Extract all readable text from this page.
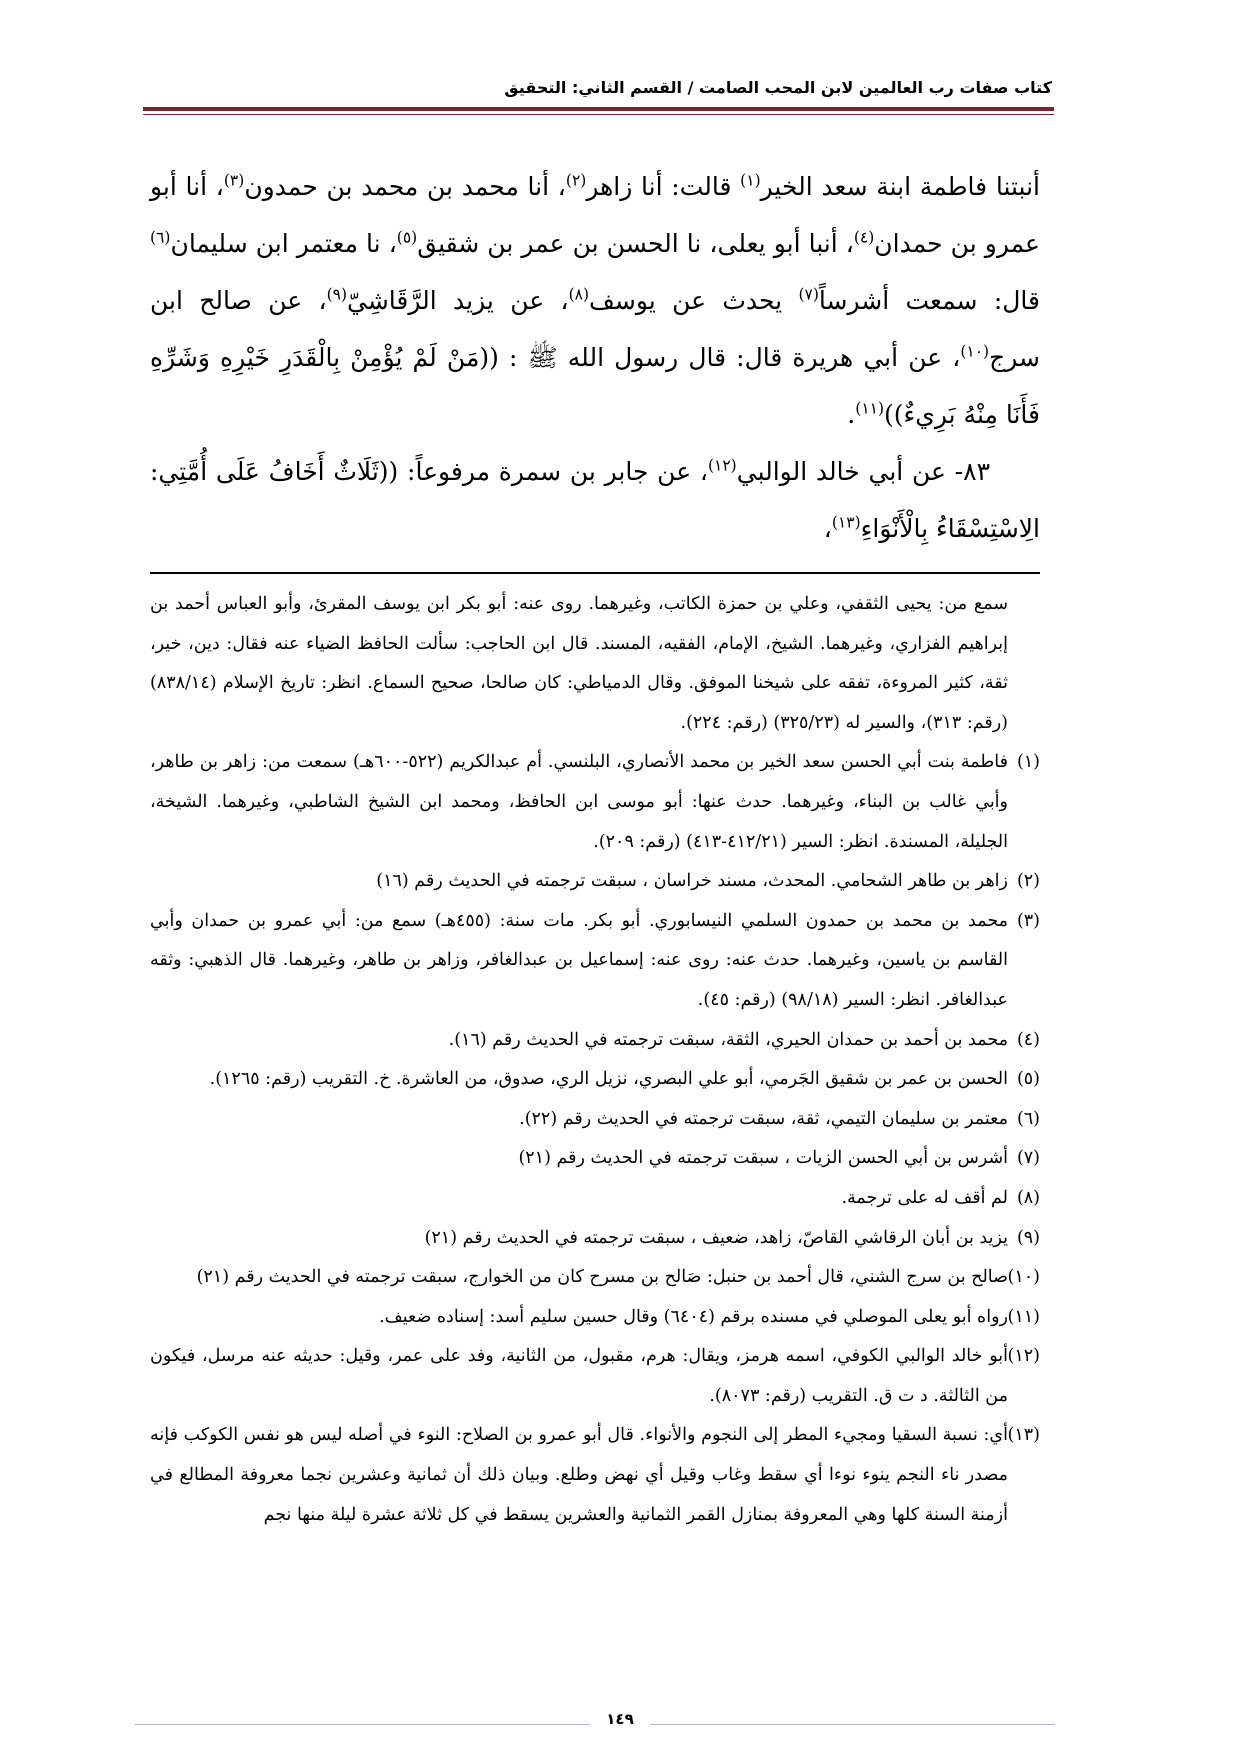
كتاب صفات رب العالمين لابن المحب الصامت / القسم الثاني: التحقيق

أنبتنا فاطمة ابنة سعد الخير$^{(١)}$ قالت: أنا زاهر$^{(٢)}$، أنا محمد بن محمد بن حمدون$^{(٣)}$، أنا أبو عمرو بن حمدان$^{(٤)}$، أنبا أبو يعلى، نا الحسن بن عمر بن شقيق$^{(٥)}$، نا معتمر ابن سليمان$^{(٦)}$ قال: سمعت أشرساً$^{(٧)}$ يحدث عن يوسف$^{(٨)}$، عن يزيد الرَّقَاشِيّ$^{(٩)}$، عن صالح ابن سرج$^{(١٠)}$، عن أبي هريرة قال: قال رسول الله ﷺ : ((مَنْ لَمْ يُؤْمِنْ بِالْقَدَرِ خَيْرِهِ وَشَرِّهِ فَأَنَا مِنْهُ بَرِيءٌ))$^{(١١)}$.

٨٣- عن أبي خالد الوالبي$^{(١٢)}$، عن جابر بن سمرة مرفوعاً: ((ثَلَاثٌ أَخَافُ عَلَى أُمَّتِي: الِاسْتِسْقَاءُ بِالْأَنْوَاءِ$^{(١٣)}$،

سمع من: يحيى الثقفي، وعلي بن حمزة الكاتب، وغيرهما. روى عنه: أبو بكر ابن يوسف المقرئ، وأبو العباس أحمد بن إبراهيم الفزاري، وغيرهما. الشيخ، الإمام، الفقيه، المسند. قال ابن الحاجب: سألت الحافظ الضياء عنه فقال: دين، خير، ثقة، كثير المروءة، تفقه على شيخنا الموفق. وقال الدمياطي: كان صالحا، صحيح السماع. انظر: تاريخ الإسلام (٨٣٨/١٤) (رقم: ٣١٣)، والسير له (٣٢٥/٢٣) (رقم: ٢٢٤).
(١)
فاطمة بنت أبي الحسن سعد الخير بن محمد الأنصاري، البلنسي. أم عبدالكريم (٥٢٢-٦٠٠هـ) سمعت من: زاهر بن طاهر، وأبي غالب بن البناء، وغيرهما. حدث عنها: أبو موسى ابن الحافظ، ومحمد ابن الشيخ الشاطبي، وغيرهما. الشيخة، الجليلة، المسندة. انظر: السير (٤١٢/٢١-٤١٣) (رقم: ٢٠٩).
(٢)
زاهر بن طاهر الشحامي. المحدث، مسند خراسان ، سبقت ترجمته في الحديث رقم (١٦)
(٣)
محمد بن محمد بن حمدون السلمي النيسابوري. أبو بكر. مات سنة: (٤٥٥هـ) سمع من: أبي عمرو بن حمدان وأبي القاسم بن ياسين، وغيرهما. حدث عنه: روى عنه: إسماعيل بن عبدالغافر، وزاهر بن طاهر، وغيرهما. قال الذهبي: وثقه عبدالغافر. انظر: السير (٩٨/١٨) (رقم: ٤٥).
(٤)
محمد بن أحمد بن حمدان الحيري، الثقة، سبقت ترجمته في الحديث رقم (١٦).
(٥)
الحسن بن عمر بن شقيق الجَرمي، أبو علي البصري، نزيل الري، صدوق، من العاشرة. خ. التقريب (رقم: ١٢٦٥).
(٦)
معتمر بن سليمان التيمي، ثقة، سبقت ترجمته في الحديث رقم (٢٢).
(٧)
أشرس بن أبي الحسن الزيات ، سبقت ترجمته في الحديث رقم (٢١)
(٨)
لم أقف له على ترجمة.
(٩)
يزيد بن أبان الرقاشي القاصّ، زاهد، ضعيف ، سبقت ترجمته في الحديث رقم (٢١)
(١٠)
صالح بن سرج الشني، قال أحمد بن حنبل: صَالح بن مسرح كان من الخوارج، سبقت ترجمته في الحديث رقم (٢١)
(١١)
رواه أبو يعلى الموصلي في مسنده برقم (٦٤٠٤) وقال حسين سليم أسد: إسناده ضعيف.
(١٢)
أبو خالد الوالبي الكوفي، اسمه هرمز، ويقال: هرم، مقبول، من الثانية، وفد على عمر، وقيل: حديثه عنه مرسل، فيكون من الثالثة. د ت ق. التقريب (رقم: ٨٠٧٣).
(١٣)
أي: نسبة السقيا ومجيء المطر إلى النجوم والأنواء. قال أبو عمرو بن الصلاح: النوء في أصله ليس هو نفس الكوكب فإنه مصدر ناء النجم ينوء نوءا أي سقط وغاب وقيل أي نهض وطلع. وبيان ذلك أن ثمانية وعشرين نجما معروفة المطالع في أزمنة السنة كلها وهي المعروفة بمنازل القمر الثمانية والعشرين يسقط في كل ثلاثة عشرة ليلة منها نجم
١٤٩
